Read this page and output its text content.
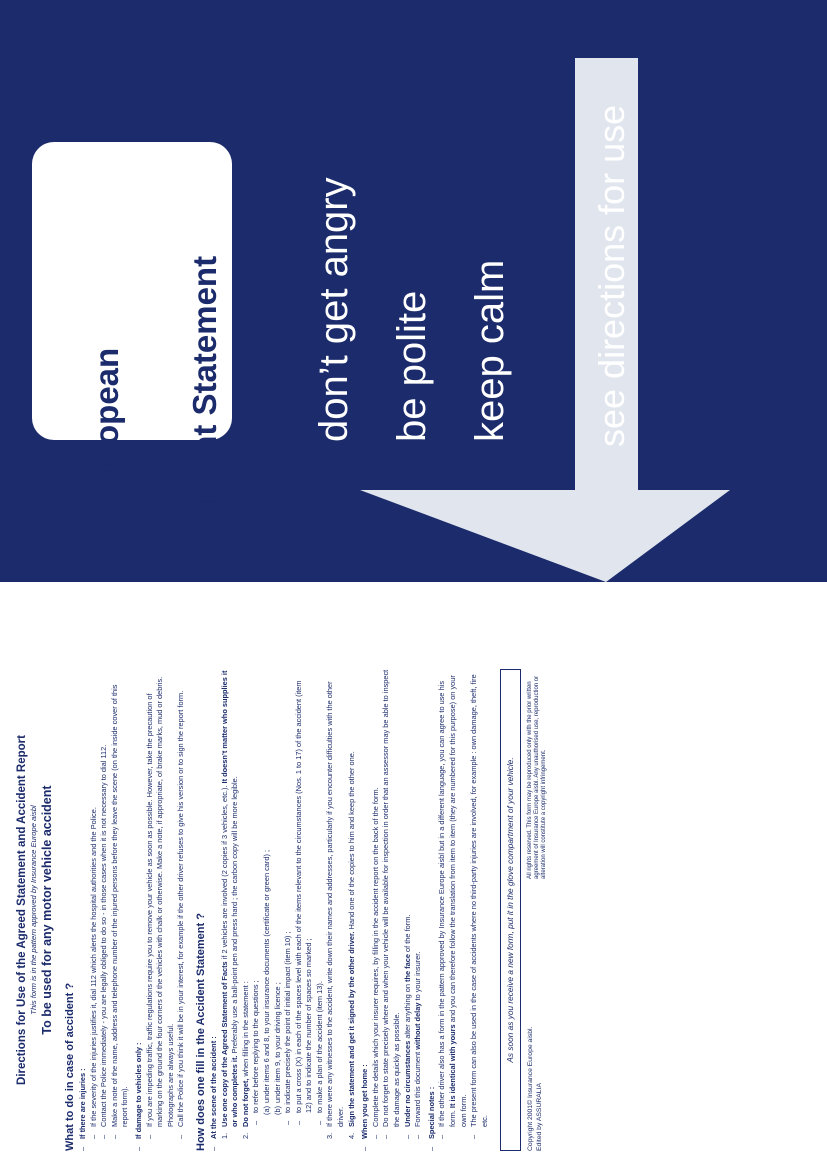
European Accident Statement don’t get angry be polite keep calm see directions for use
Directions for Use of the Agreed Statement and Accident Report This form is in the pattern approved by Insurance Europe aisbl To be used for any motor vehicle accident
What to do in case of accident ? –
If there are injuries : –
If the severity of the injuries justifies it, dial 112 which alerts the hospital authorities and the Police.
–
Contact the Police immediately - you are legally obliged to do so - in those cases when it is not necessary to dial 112.
–
Make a note of the name, address and telephone number of the injured persons before they leave the scene (on the inside cover of this report form).
–
If damage to vehicles only : –
If you are impeding traffic, traffic regulations require you to remove your vehicle as soon as possible. However, take the precaution of marking on the ground the four corners of the vehicles with chalk or otherwise. Make a note, if appropriate, of brake marks, mud or debris. Photographs are always useful.
–
Call the Police if you think it will be in your interest, for example if the other driver refuses to give his version or to sign the report form. How does one fill in the Accident Statement ? –
At the scene of the accident : 1.
Use one copy of the Agreed Statement of Facts if 2 vehicles are involved (2 copies if 3 vehicles, etc.). It doesn’t matter who supplies it or who completes it. Preferably use a ball-point pen and press hard ; the carbon copy will be more legible.
2.
Do not forget, when filling in the statement :
–
to refer before replying to the questions ; (a)
under items 6 and 8, to your insurance documents (certificate or green card) ;
(b)
under item 9, to your driving licence ;
–
to indicate precisely the point of initial impact (item 10) ;
–
to put a cross (X) in each of the spaces level with each of the items relevant to the circumstances (Nos. 1 to 17) of the accident (item 12) and to indicate the number of spaces so marked ;
–
to make a plan of the accident (item 13).
3.
If there were any witnesses to the accident, write down their names and addresses, particularly if you encounter difficulties with the other driver.
4.
Sign the statement and get it signed by the other driver. Hand one of the copies to him and keep the other one.
–
When you get home : –
Complete the details which your insurer requires, by filling in the accident report on the back of the form.
–
Do not forget to state precisely where and when your vehicle will be available for inspection in order that an assessor may be able to inspect the damage as quickly as possible.
–
Under no circumstances alter anything on the face of the form.
–
Forward this document without delay to your insurer.
–
Special notes : –
If the other driver also has a form in the pattern approved by Insurance Europe aisbl but in a different language, you can agree to use his form. It is identical with yours and you can therefore follow the translation from item to item (they are numbered for this purpose) on your own form.
–
The present form can also be used in the case of accidents where no third-party injuries are involved, for example : own damage, theft, fire etc.
As soon as you receive a new form, put it in the glove compartment of your vehicle.
Copyright 2001© Insurance Europe aisbl. Edited by ASSURALIA
All rights reserved. This form may be reproduced only with the prior written agreement of Insurance Europe aisbl. Any unauthorised use, reproduction or alteration will constitute a copyright infringement.
